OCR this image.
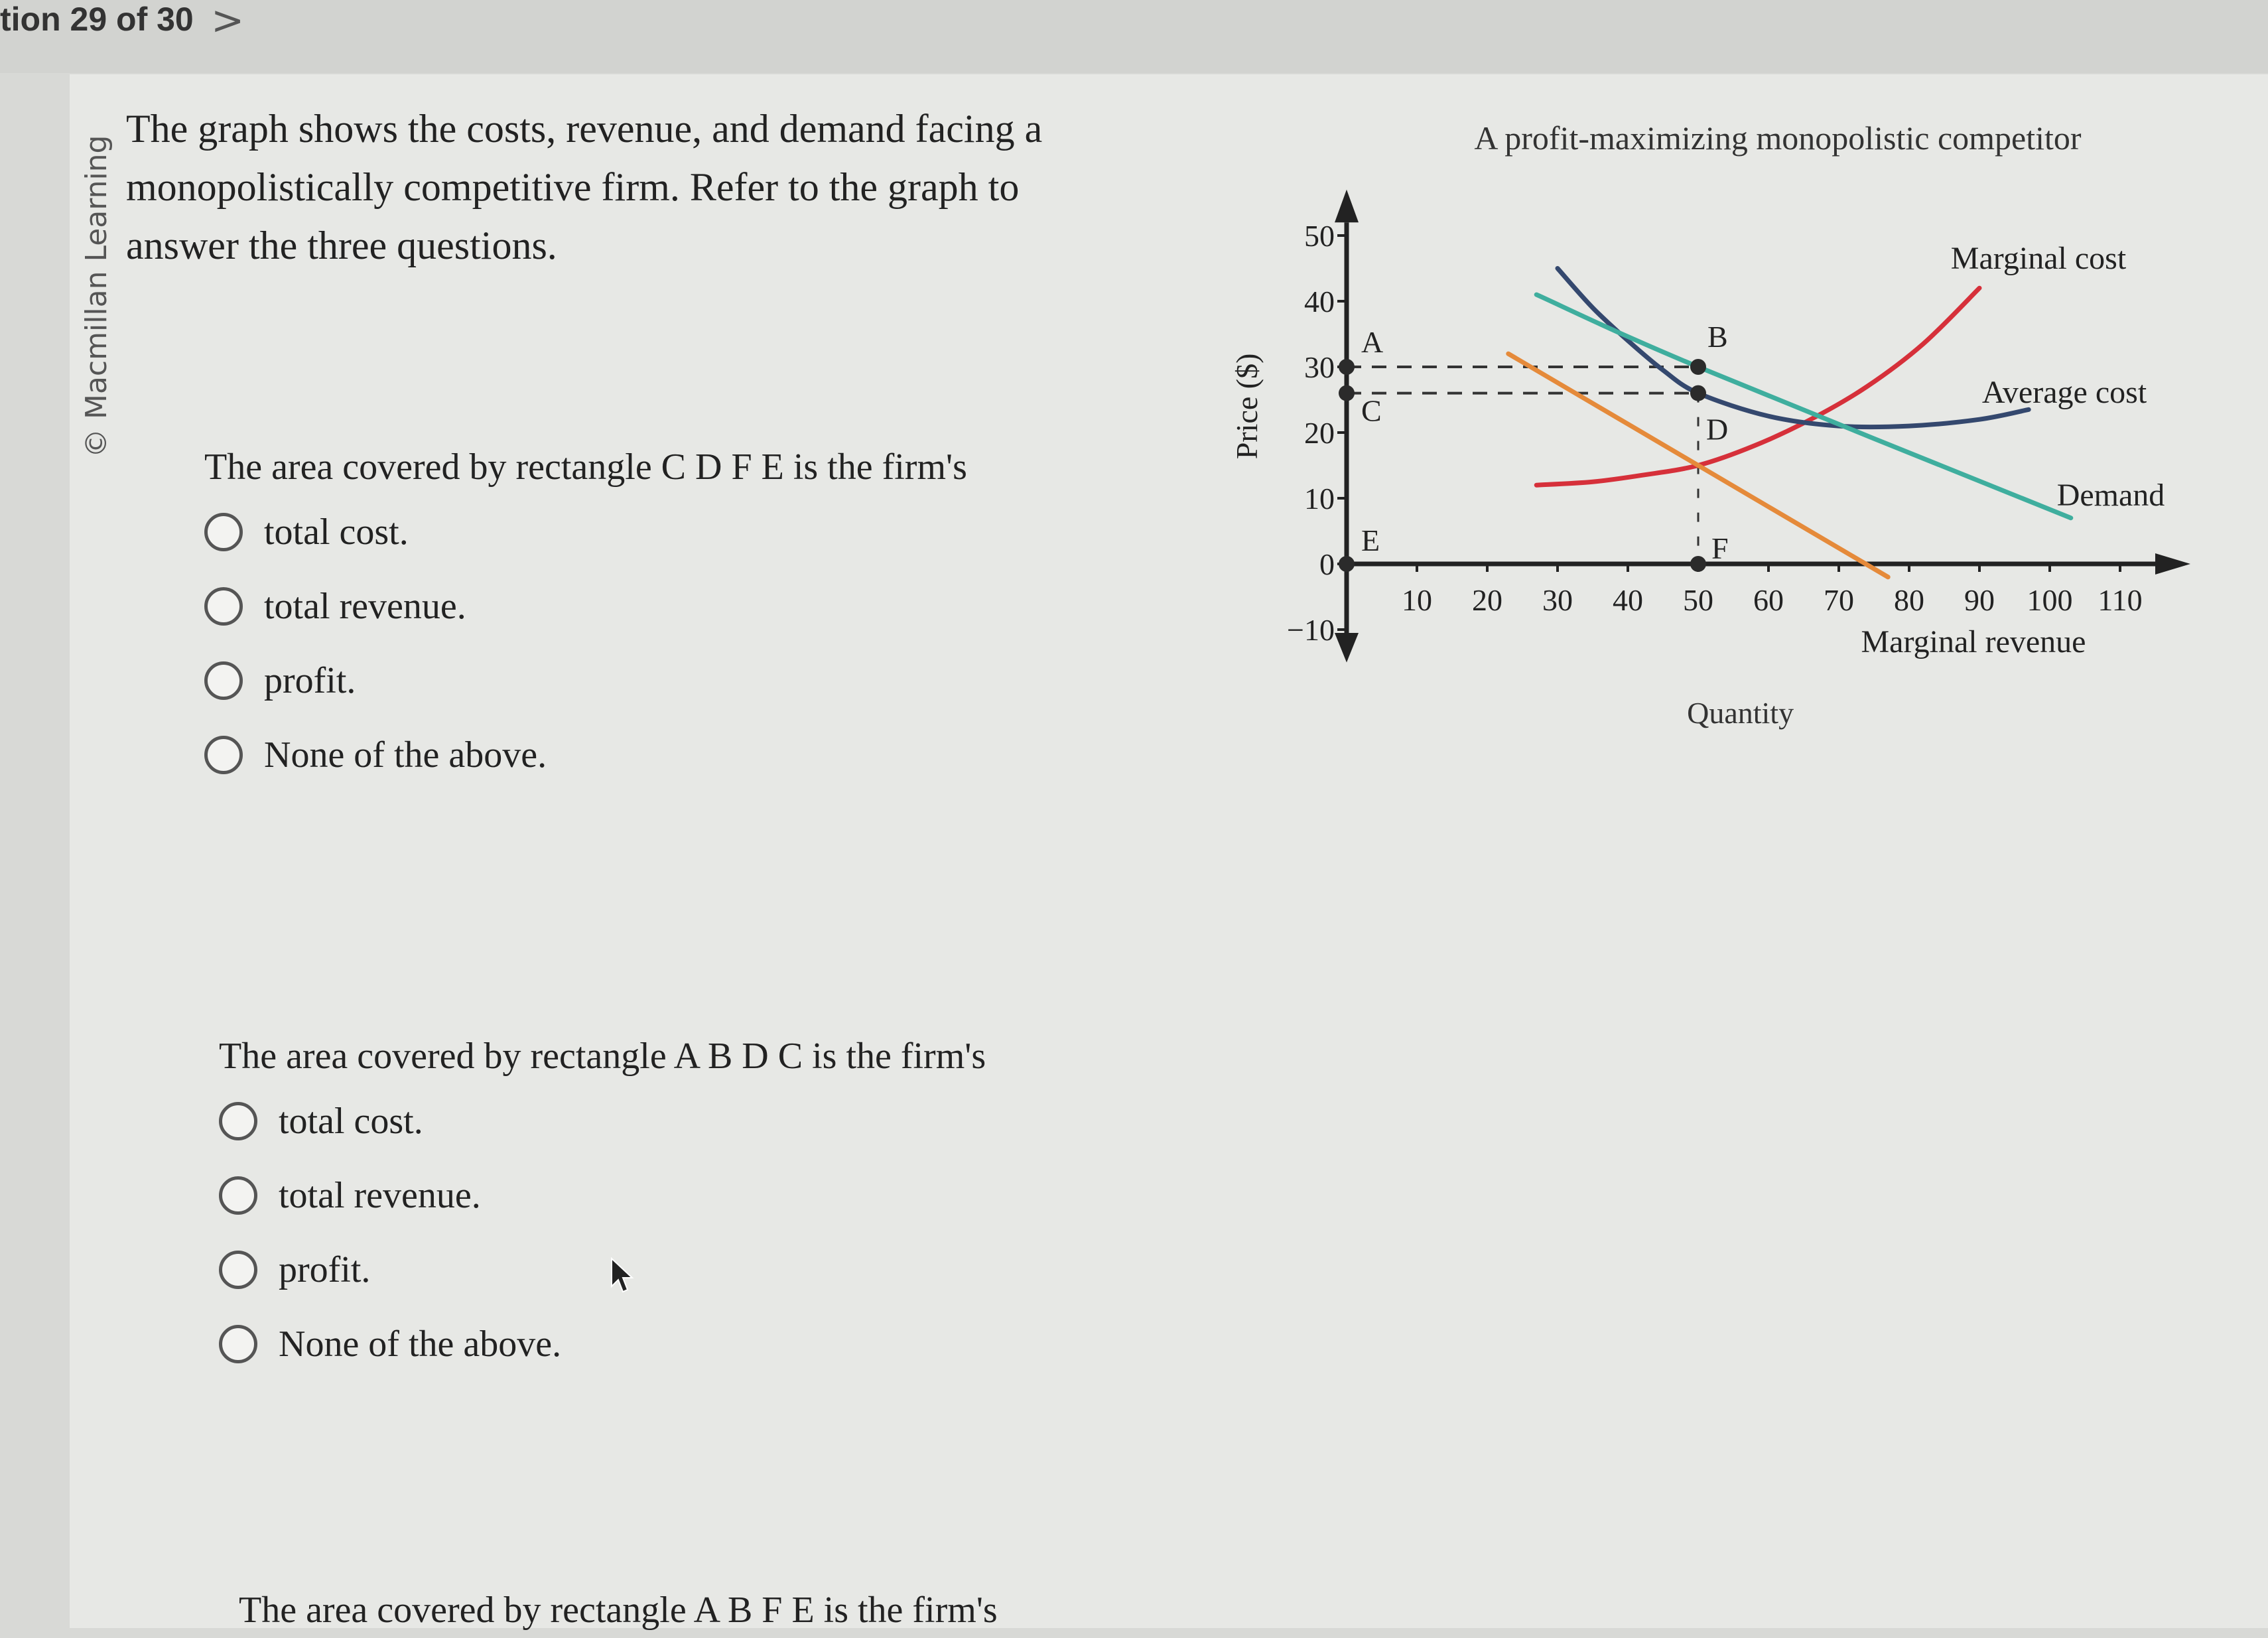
tion 29 of 30 >
© Macmillan Learning
The graph shows the costs, revenue, and demand facing a monopolistically competitive firm. Refer to the graph to answer the three questions.
The area covered by rectangle C D F E is the firm's
total cost.
total revenue.
profit.
None of the above.
The area covered by rectangle A B D C is the firm's
total cost.
total revenue.
profit.
None of the above.
The area covered by rectangle A B F E is the firm's
A profit-maximizing monopolistic competitor
−10
0
10
20
30
40
50
10 20 30 40 50 60 70 80 90 100 110
Price ($)
Quantity
Marginal cost
Average cost
Demand
Marginal revenue
A	B
C
D
E	F
